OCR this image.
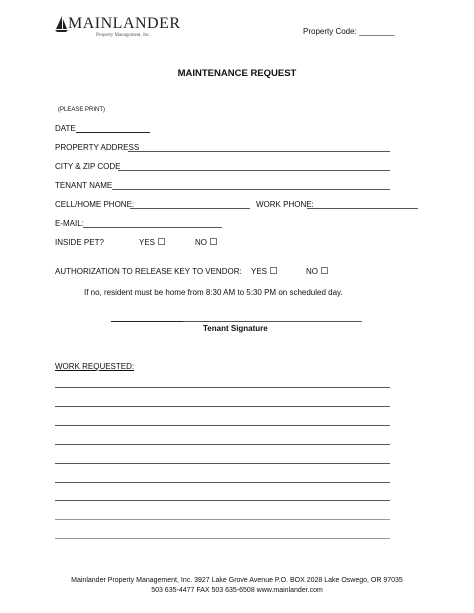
MAINLANDER
Property Management, Inc.	Property Code: ________
MAINTENANCE REQUEST
(PLEASE PRINT)
DATE
PROPERTY ADDRESS
CITY & ZIP CODE
TENANT NAME
CELL/HOME PHONE:	WORK PHONE:
E-MAIL:
INSIDE PET?	YES	NO
AUTHORIZATION TO RELEASE KEY TO VENDOR: YES	NO
If no, resident must be home from 8:30 AM to 5:30 PM on scheduled day.
Tenant Signature
WORK REQUESTED:
Mainlander Property Management, Inc. 3927 Lake Grove Avenue P.O. BOX 2028 Lake Oswego, OR 97035
503 635-4477 FAX 503 635-6508 www.mainlander.com
